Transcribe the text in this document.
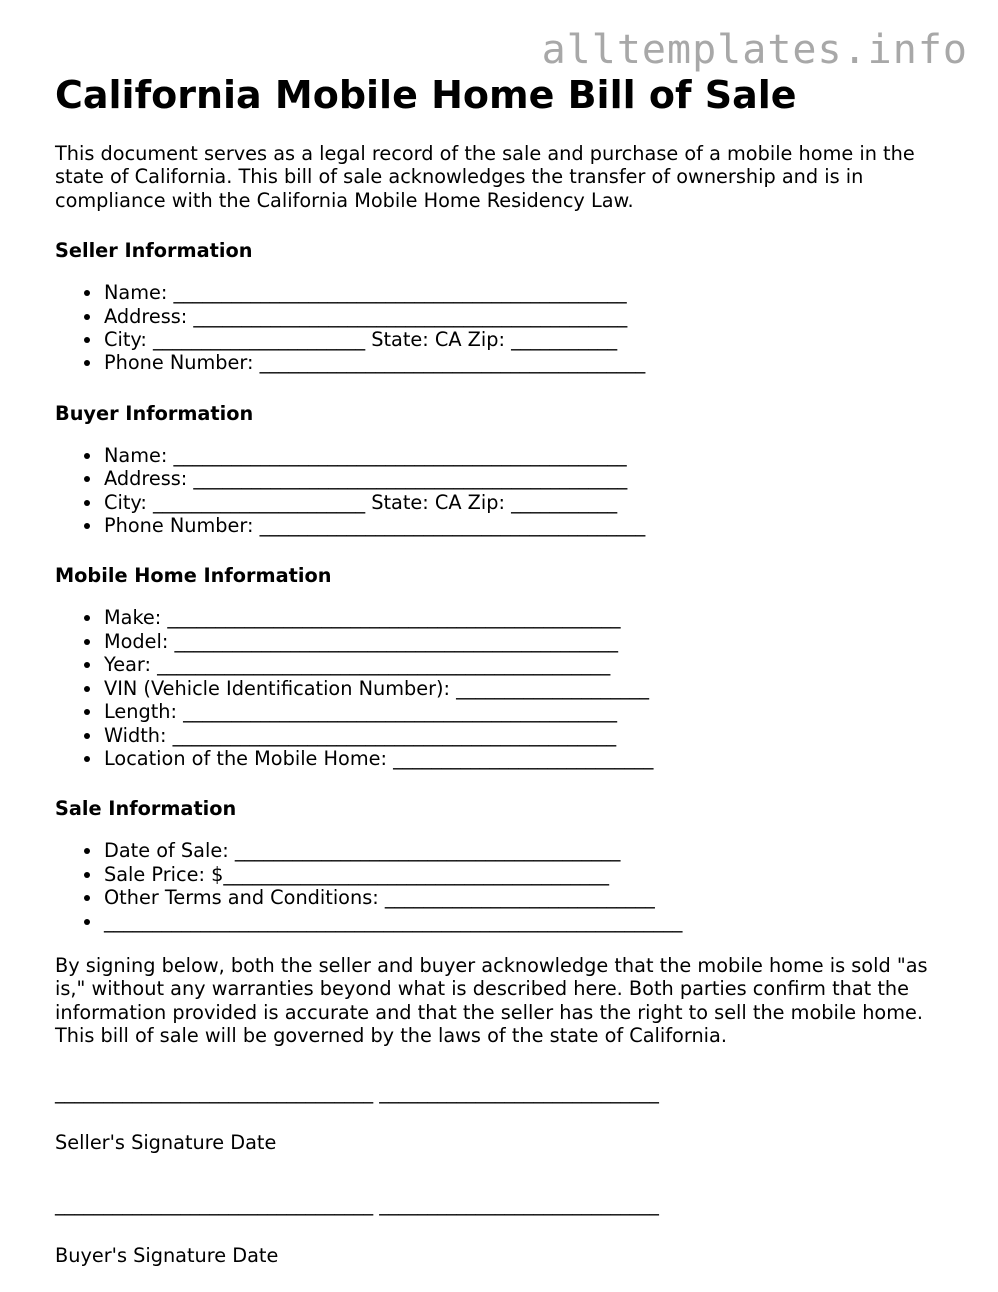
alltemplates.info
California Mobile Home Bill of Sale

This document serves as a legal record of the sale and purchase of a mobile home in the state of California. This bill of sale acknowledges the transfer of ownership and is in compliance with the California Mobile Home Residency Law.

Seller Information
Name: _______________________________________________
Address: _____________________________________________
City: ______________________ State: CA Zip: ___________
Phone Number: ________________________________________
Buyer Information
Name: _______________________________________________
Address: _____________________________________________
City: ______________________ State: CA Zip: ___________
Phone Number: ________________________________________
Mobile Home Information
Make: _______________________________________________
Model: ______________________________________________
Year: _______________________________________________
VIN (Vehicle Identification Number): ____________________
Length: _____________________________________________
Width: ______________________________________________
Location of the Mobile Home: ___________________________
Sale Information
Date of Sale: ________________________________________
Sale Price: $________________________________________
Other Terms and Conditions: ____________________________
____________________________________________________________

By signing below, both the seller and buyer acknowledge that the mobile home is sold "as is," without any warranties beyond what is described here. Both parties confirm that the information provided is accurate and that the seller has the right to sell the mobile home. This bill of sale will be governed by the laws of the state of California.

_________________________________ _____________________________
Seller's Signature Date
_________________________________ _____________________________
Buyer's Signature Date
